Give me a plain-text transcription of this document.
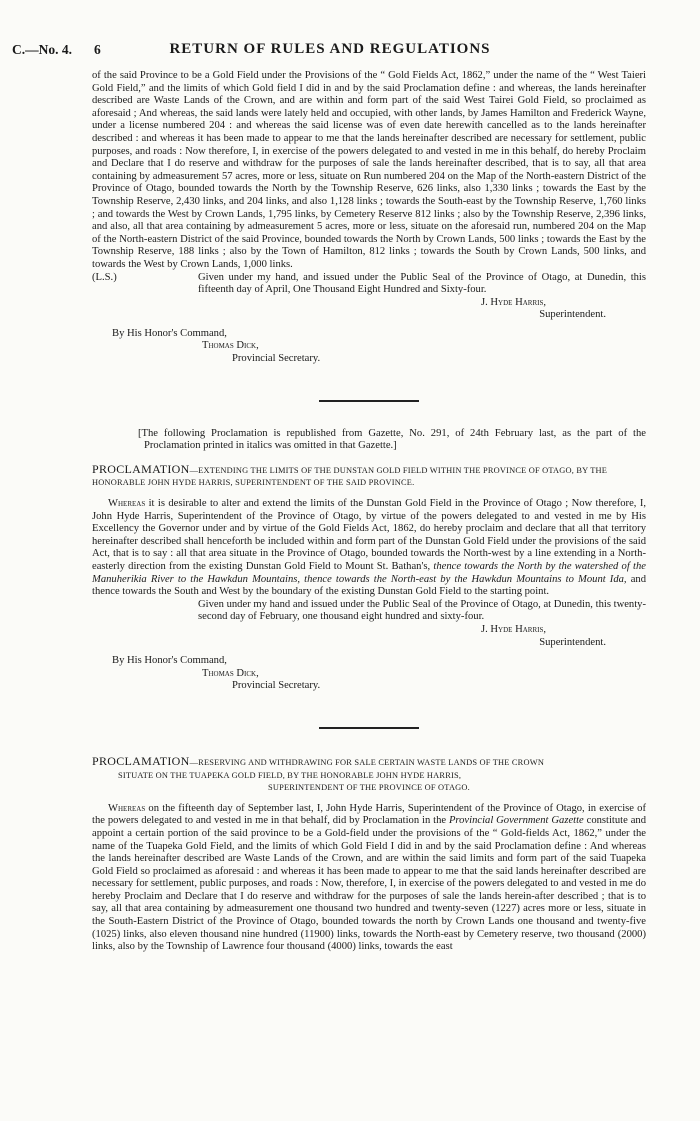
C.—No. 4. 6	RETURN OF RULES AND REGULATIONS

of the said Province to be a Gold Field under the Provisions of the “ Gold Fields Act, 1862,” under the name of the “ West Taieri Gold Field,” and the limits of which Gold field I did in and by the said Proclamation define : and whereas, the lands hereinafter described are Waste Lands of the Crown, and are within and form part of the said West Tairei Gold Field, so proclaimed as aforesaid ; And whereas, the said lands were lately held and occupied, with other lands, by James Hamilton and Frederick Wayne, under a license numbered 204 : and whereas the said license was of even date herewith cancelled as to the lands hereinafter described : and whereas it has been made to appear to me that the lands hereinafter described are necessary for settlement, public purposes, and roads : Now therefore, I, in exercise of the powers delegated to and vested in me in this behalf, do hereby Proclaim and Declare that I do reserve and withdraw for the purposes of sale the lands hereinafter described, that is to say, all that area containing by admeasurement 57 acres, more or less, situate on Run numbered 204 on the Map of the North-eastern District of the Province of Otago, bounded towards the North by the Township Reserve, 626 links, also 1,330 links ; towards the East by the Township Reserve, 2,430 links, and 204 links, and also 1,128 links ; towards the South-east by the Township Reserve, 1,760 links ; and towards the West by Crown Lands, 1,795 links, by Cemetery Reserve 812 links ; also by the Township Reserve, 2,396 links, and also, all that area containing by admeasurement 5 acres, more or less, situate on the aforesaid run, numbered 204 on the Map of the North-eastern District of the said Province, bounded towards the North by Crown Lands, 500 links ; towards the East by the Township Reserve, 188 links ; also by the Town of Hamilton, 812 links ; towards the South by Crown Lands, 500 links, and towards the West by Crown Lands, 1,000 links.

(L.S.)	Given under my hand, and issued under the Public Seal of the Province of Otago, at Dunedin, this fifteenth day of April, One Thousand Eight Hundred and Sixty-four.
J. Hyde Harris,
Superintendent.
By His Honor's Command,
Thomas Dick,
Provincial Secretary.
[The following Proclamation is republished from Gazette, No. 291, of 24th February last, as the part of the Proclamation printed in italics was omitted in that Gazette.]
PROCLAMATION—EXTENDING THE LIMITS OF THE DUNSTAN GOLD FIELD WITHIN THE PROVINCE OF OTAGO, BY THE HONORABLE JOHN HYDE HARRIS, SUPERINTENDENT OF THE SAID PROVINCE.

Whereas it is desirable to alter and extend the limits of the Dunstan Gold Field in the Province of Otago ; Now therefore, I, John Hyde Harris, Superintendent of the Province of Otago, by virtue of the powers delegated to and vested in me by His Excellency the Governor under and by virtue of the Gold Fields Act, 1862, do hereby proclaim and declare that all that territory hereinafter described shall henceforth be included within and form part of the Dunstan Gold Field under the provisions of the said Act, that is to say : all that area situate in the Province of Otago, bounded towards the North-west by a line extending in a North-easterly direction from the existing Dunstan Gold Field to Mount St. Bathan's, thence towards the North by the watershed of the Manuherikia River to the Hawkdun Mountains, thence towards the North-east by the Hawkdun Mountains to Mount Ida, and thence towards the South and West by the boundary of the existing Dunstan Gold Field to the starting point.

Given under my hand and issued under the Public Seal of the Province of Otago, at Dunedin, this twenty-second day of February, one thousand eight hundred and sixty-four.
J. Hyde Harris,
Superintendent.
By His Honor's Command,
Thomas Dick,
Provincial Secretary.
PROCLAMATION—RESERVING AND WITHDRAWING FOR SALE CERTAIN WASTE LANDS OF THE CROWN
SITUATE ON THE TUAPEKA GOLD FIELD, BY THE HONORABLE JOHN HYDE HARRIS,
SUPERINTENDENT OF THE PROVINCE OF OTAGO.

Whereas on the fifteenth day of September last, I, John Hyde Harris, Superintendent of the Province of Otago, in exercise of the powers delegated to and vested in me in that behalf, did by Proclamation in the Provincial Government Gazette constitute and appoint a certain portion of the said province to be a Gold-field under the provisions of the “ Gold-fields Act, 1862,” under the name of the Tuapeka Gold Field, and the limits of which Gold Field I did in and by the said Proclamation define : And whereas the lands hereinafter described are Waste Lands of the Crown, and are within the said limits and form part of the said Tuapeka Gold Field so proclaimed as aforesaid : and whereas it has been made to appear to me that the said lands hereinafter described are necessary for settlement, public purposes, and roads : Now, therefore, I, in exercise of the powers delegated to and vested in me do hereby Proclaim and Declare that I do reserve and withdraw for the purposes of sale the lands herein-after described ; that is to say, all that area containing by admeasurement one thousand two hundred and twenty-seven (1227) acres more or less, situate in the South-Eastern District of the Province of Otago, bounded towards the north by Crown Lands one thousand and twenty-five (1025) links, also eleven thousand nine hundred (11900) links, towards the North-east by Cemetery reserve, two thousand (2000) links, also by the Township of Lawrence four thousand (4000) links, towards the east
